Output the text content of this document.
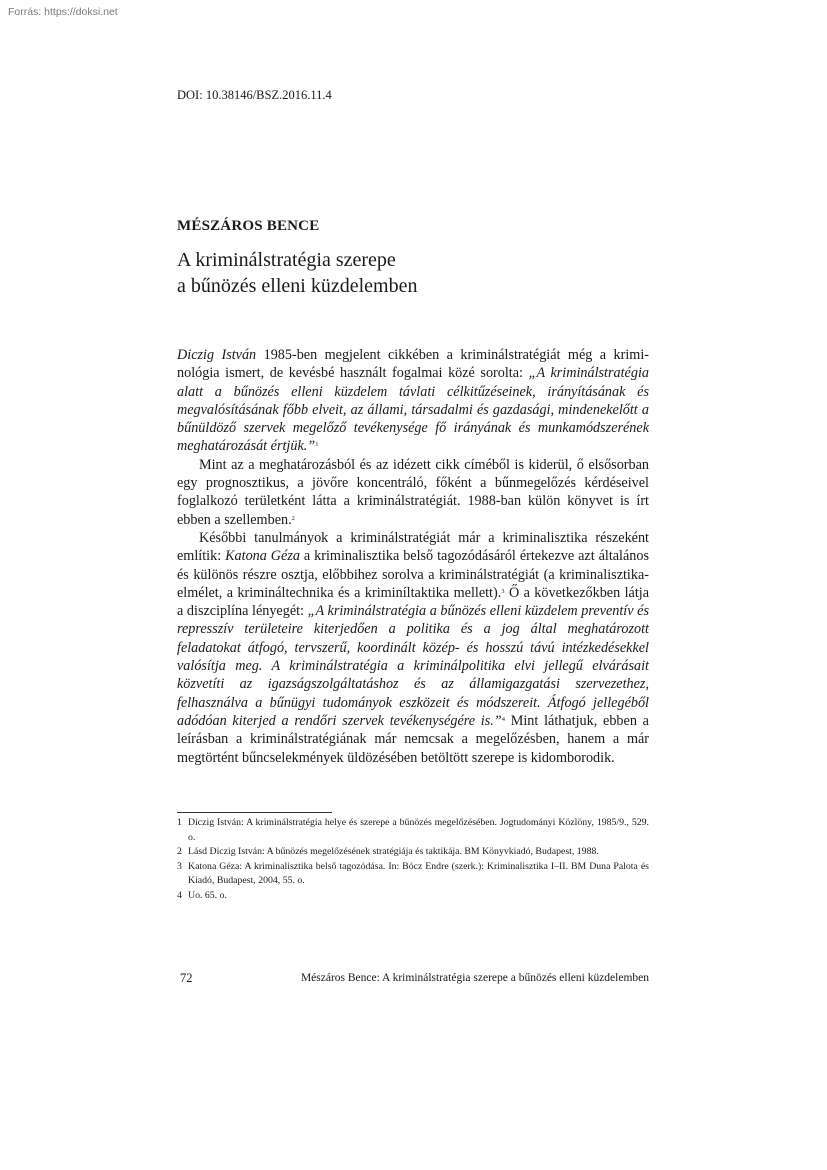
Forrás: https://doksi.net
DOI: 10.38146/BSZ.2016.11.4
MÉSZÁROS BENCE
A kriminálstratégia szerepe
a bűnözés elleni küzdelemben

Diczig István 1985-ben megjelent cikkében a kriminálstratégiát még a kriminológia ismert, de kevésbé használt fogalmai közé sorolta: „A kriminálstratégia alatt a bűnözés elleni küzdelem távlati célkitűzéseinek, irányításának és megvalósításának főbb elveit, az állami, társadalmi és gazdasági, mindenekelőtt a bűnüldöző szervek megelőző tevékenysége fő irányának és munkamódszerének meghatározását értjük.”$^1$

Mint az a meghatározásból és az idézett cikk címéből is kiderül, ő elsősorban egy prognosztikus, a jövőre koncentráló, főként a bűnmegelőzés kérdéseivel foglalkozó területként látta a kriminálstratégiát. 1988-ban külön könyvet is írt ebben a szellemben.$^2$

Későbbi tanulmányok a kriminálstratégiát már a kriminalisztika részeként említik: Katona Géza a kriminalisztika belső tagozódásáról értekezve azt általános és különös részre osztja, előbbihez sorolva a kriminálstratégiát (a kriminalisztika-elmélet, a krimináltechnika és a kriminíltaktika mellett).$^3$ Ő a következőkben látja a diszciplína lényegét: „A kriminálstratégia a bűnözés elleni küzdelem preventív és represszív területeire kiterjedően a politika és a jog által meghatározott feladatokat átfogó, tervszerű, koordinált közép- és hosszú távú intézkedésekkel valósítja meg. A kriminálstratégia a kriminálpolitika elvi jellegű elvárásait közvetíti az igazságszolgáltatáshoz és az államigazgatási szervezethez, felhasználva a bűnügyi tudományok eszközeit és módszereit. Átfogó jellegéből adódóan kiterjed a rendőri szervek tevékenységére is.”$^4$ Mint láthatjuk, ebben a leírásban a kriminálstratégiának már nemcsak a megelőzésben, hanem a már megtörtént bűncselekmények üldözésében betöltött szerepe is kidomborodik.

1 Diczig István: A kriminálstratégia helye és szerepe a bűnözés megelőzésében. Jogtudományi Közlöny, 1985/9., 529. o.
2 Lásd Diczig István: A bűnözés megelőzésének stratégiája és taktikája. BM Könyvkiadó, Budapest, 1988.
3 Katona Géza: A kriminalisztika belső tagozódása. In: Bócz Endre (szerk.): Kriminalisztika I–II. BM Duna Palota és Kiadó, Budapest, 2004, 55. o.
4 Uo. 65. o.
72	Mészáros Bence: A kriminálstratégia szerepe a bűnözés elleni küzdelemben
